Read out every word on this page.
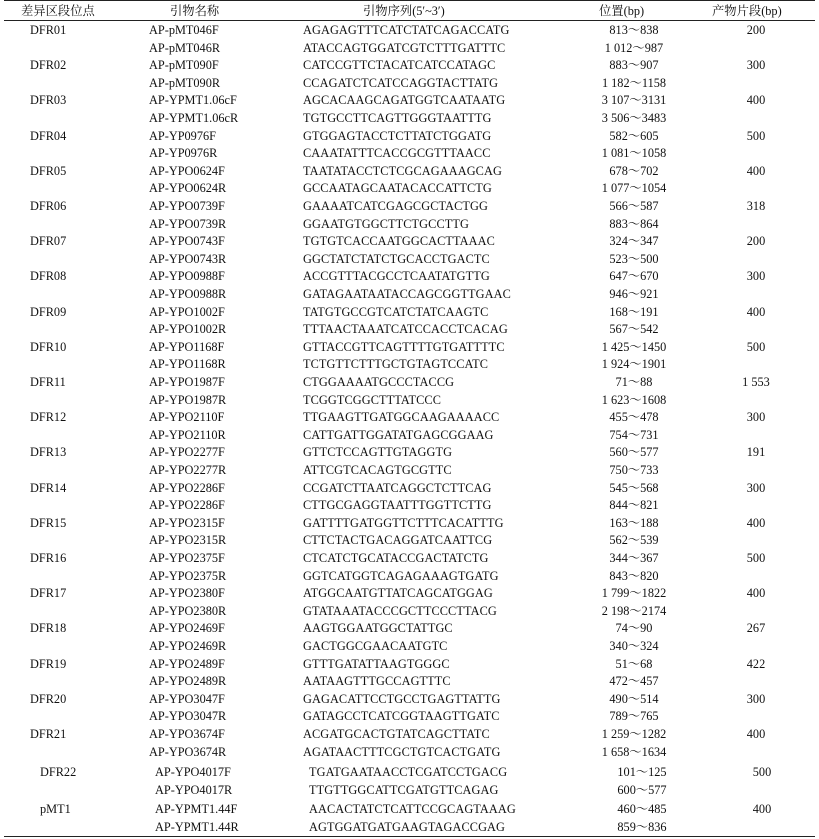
差异区段位点	引物名称	引物序列(5′~3′)	位置(bp)	产物片段(bp)
DFR01	AP-pMT046F	AGAGAGTTTCATCTATCAGACCATG	813～838	200
AP-pMT046R	ATACCAGTGGATCGTCTTTGATTTC	1 012～987
DFR02	AP-pMT090F	CATCCGTTCTACATCATCCATAGC	883～907	300
AP-pMT090R	CCAGATCTCATCCAGGTACTTATG	1 182～1158
DFR03	AP-YPMT1.06cF	AGCACAAGCAGATGGTCAATAATG	3 107～3131	400
AP-YPMT1.06cR	TGTGCCTTCAGTTGGGTAATTTG	3 506～3483
DFR04	AP-YP0976F	GTGGAGTACCTCTTATCTGGATG	582～605	500
AP-YP0976R	CAAATATTTCACCGCGTTTAACC	1 081～1058
DFR05	AP-YPO0624F	TAATATACCTCTCGCAGAAAGCAG	678～702	400
AP-YPO0624R	GCCAATAGCAATACACCATTCTG	1 077～1054
DFR06	AP-YPO0739F	GAAAATCATCGAGCGCTACTGG	566～587	318
AP-YPO0739R	GGAATGTGGCTTCTGCCTTG	883～864
DFR07	AP-YPO0743F	TGTGTCACCAATGGCACTTAAAC	324～347	200
AP-YPO0743R	GGCTATCTATCTGCACCTGACTC	523～500
DFR08	AP-YPO0988F	ACCGTTTACGCCTCAATATGTTG	647～670	300
AP-YPO0988R	GATAGAATAATACCAGCGGTTGAAC	946～921
DFR09	AP-YPO1002F	TATGTGCCGTCATCTATCAAGTC	168～191	400
AP-YPO1002R	TTTAACTAAATCATCCACCTCACAG	567～542
DFR10	AP-YPO1168F	GTTACCGTTCAGTTTTGTGATTTTC	1 425～1450	500
AP-YPO1168R	TCTGTTCTTTGCTGTAGTCCATC	1 924～1901
DFR11	AP-YPO1987F	CTGGAAAATGCCCTACCG	71～88	1 553
AP-YPO1987R	TCGGTCGGCTTTATCCC	1 623～1608
DFR12	AP-YPO2110F	TTGAAGTTGATGGCAAGAAAACC	455～478	300
AP-YPO2110R	CATTGATTGGATATGAGCGGAAG	754～731
DFR13	AP-YPO2277F	GTTCTCCAGTTGTAGGTG	560～577	191
AP-YPO2277R	ATTCGTCACAGTGCGTTC	750～733
DFR14	AP-YPO2286F	CCGATCTTAATCAGGCTCTTCAG	545～568	300
AP-YPO2286F	CTTGCGAGGTAATTTGGTTCTTG	844～821
DFR15	AP-YPO2315F	GATTTTGATGGTTCTTTCACATTTG	163～188	400
AP-YPO2315R	CTTCTACTGACAGGATCAATTCG	562～539
DFR16	AP-YPO2375F	CTCATCTGCATACCGACTATCTG	344～367	500
AP-YPO2375R	GGTCATGGTCAGAGAAAGTGATG	843～820
DFR17	AP-YPO2380F	ATGGCAATGTTATCAGCATGGAG	1 799～1822	400
AP-YPO2380R	GTATAAATACCCGCTTCCCTTACG	2 198～2174
DFR18	AP-YPO2469F	AAGTGGAATGGCTATTGC	74～90	267
AP-YPO2469R	GACTGGCGAACAATGTC	340～324
DFR19	AP-YPO2489F	GTTTGATATTAAGTGGGC	51～68	422
AP-YPO2489R	AATAAGTTTGCCAGTTTC	472～457
DFR20	AP-YPO3047F	GAGACATTCCTGCCTGAGTTATTG	490～514	300
AP-YPO3047R	GATAGCCTCATCGGTAAGTTGATC	789～765
DFR21	AP-YPO3674F	ACGATGCACTGTATCAGCTTATC	1 259～1282	400
AP-YPO3674R	AGATAACTTTCGCTGTCACTGATG	1 658～1634
DFR22	AP-YPO4017F	TGATGAATAACCTCGATCCTGACG	101～125	500
AP-YPO4017R	TTGTTGGCATTCGATGTTCAGAG	600～577
pMT1	AP-YPMT1.44F	AACACTATCTCATTCCGCAGTAAAG	460～485	400
AP-YPMT1.44R	AGTGGATGATGAAGTAGACCGAG	859～836
